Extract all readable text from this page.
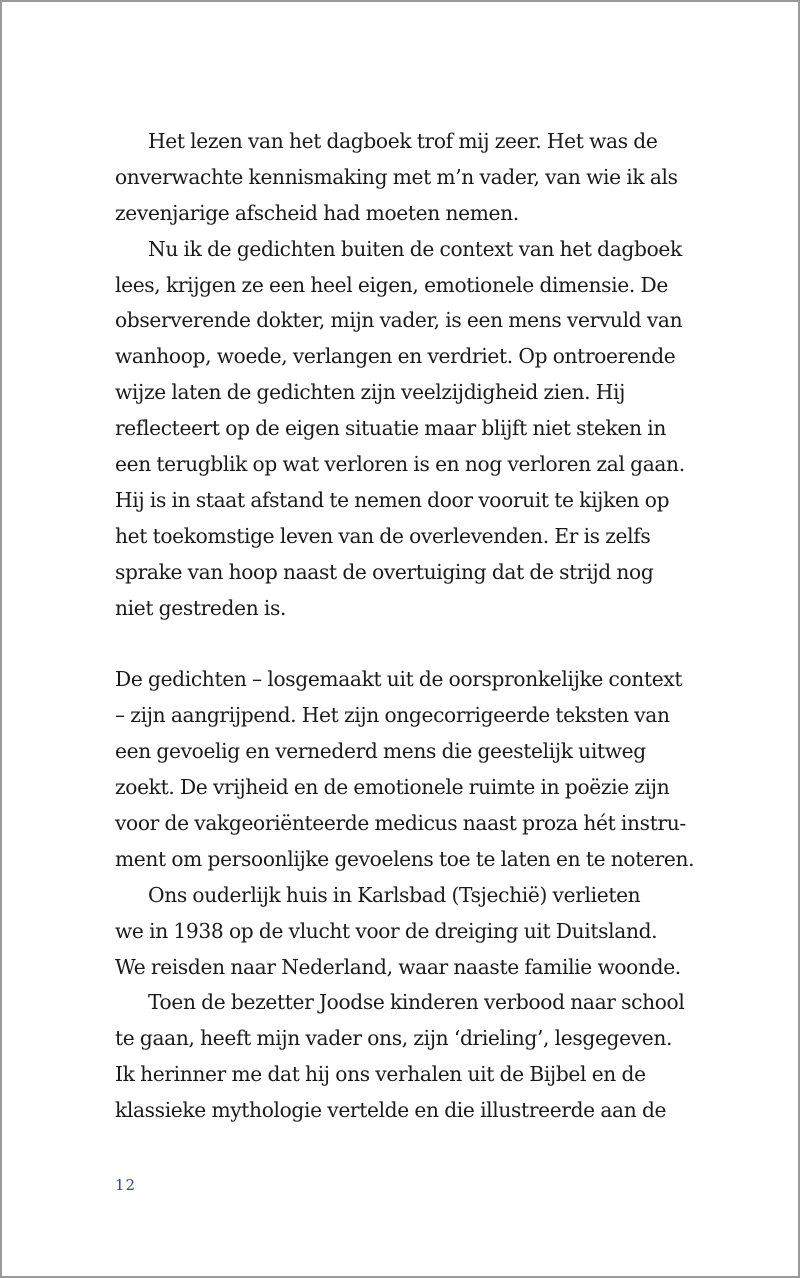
Het lezen van het dagboek trof mij zeer. Het was de
onverwachte kennismaking met m’n vader, van wie ik als
zevenjarige afscheid had moeten nemen.

Nu ik de gedichten buiten de context van het dagboek
lees, krijgen ze een heel eigen, emotionele dimensie. De
observerende dokter, mijn vader, is een mens vervuld van
wanhoop, woede, verlangen en verdriet. Op ontroerende
wijze laten de gedichten zijn veelzijdigheid zien. Hij
reflecteert op de eigen situatie maar blijft niet steken in
een terugblik op wat verloren is en nog verloren zal gaan.
Hij is in staat afstand te nemen door vooruit te kijken op
het toekomstige leven van de overlevenden. Er is zelfs
sprake van hoop naast de overtuiging dat de strijd nog
niet gestreden is.

De gedichten – losgemaakt uit de oorspronkelijke context
– zijn aangrijpend. Het zijn ongecorrigeerde teksten van
een gevoelig en vernederd mens die geestelijk uitweg
zoekt. De vrijheid en de emotionele ruimte in poëzie zijn
voor de vakgeoriënteerde medicus naast proza hét instru-
ment om persoonlijke gevoelens toe te laten en te noteren.

Ons ouderlijk huis in Karlsbad (Tsjechië) verlieten
we in 1938 op de vlucht voor de dreiging uit Duitsland.
We reisden naar Nederland, waar naaste familie woonde.

Toen de bezetter Joodse kinderen verbood naar school
te gaan, heeft mijn vader ons, zijn ‘drieling’, lesgegeven.
Ik herinner me dat hij ons verhalen uit de Bijbel en de
klassieke mythologie vertelde en die illustreerde aan de

12
